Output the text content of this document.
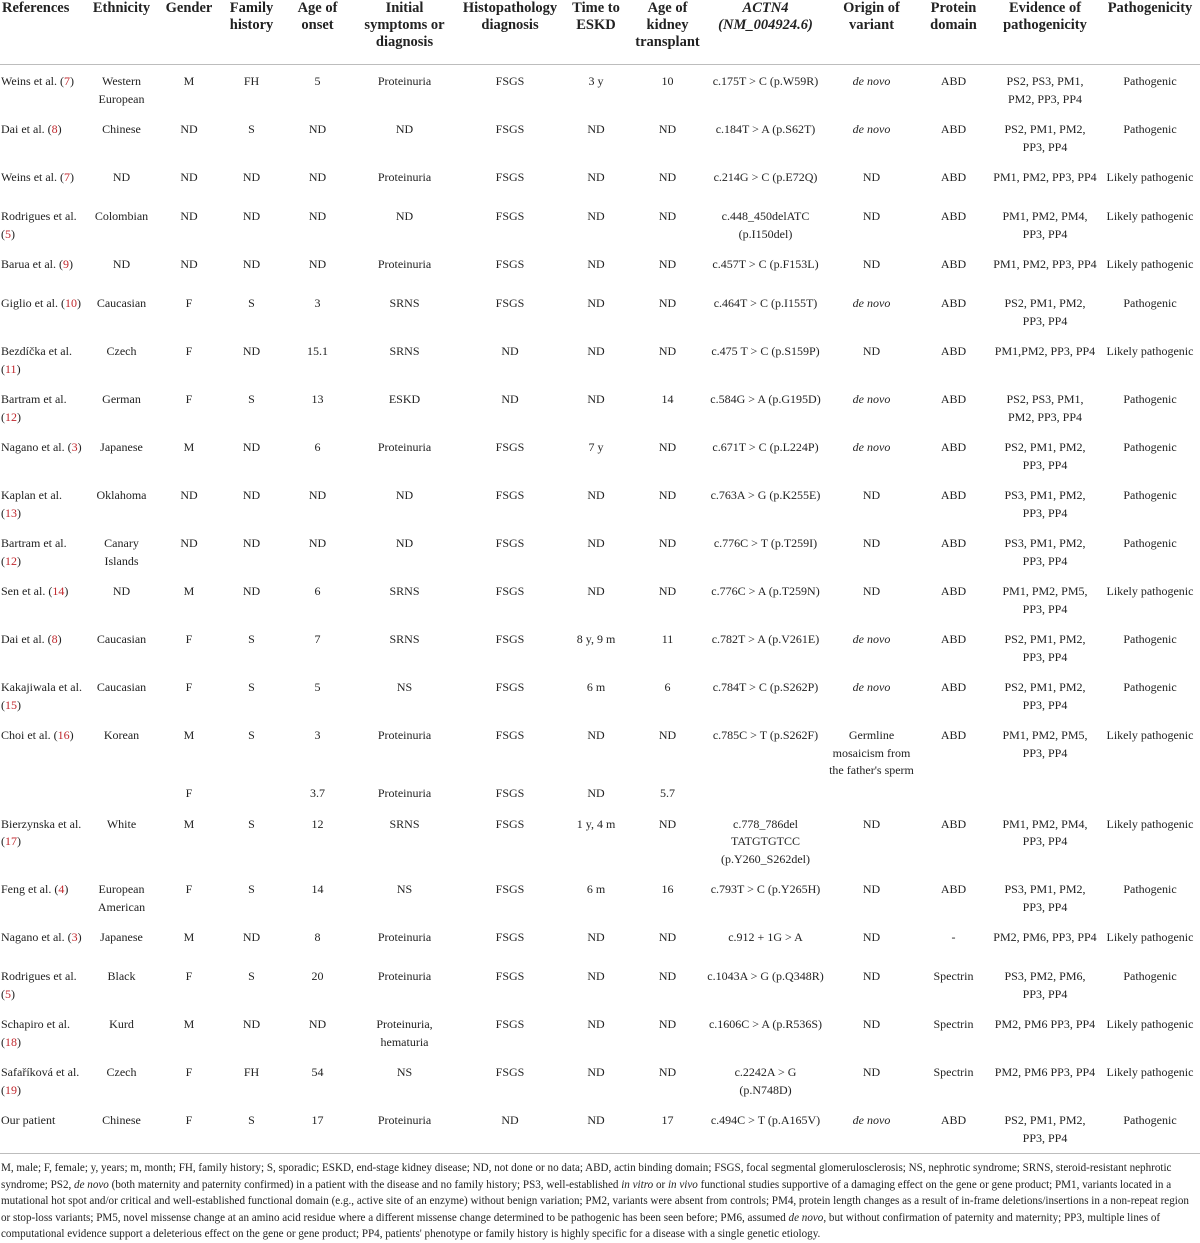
References	Ethnicity	Gender	Family history	Age of onset	Initial symptoms or diagnosis	Histopathology diagnosis	Time to ESKD	Age of kidney transplant	ACTN4 (NM_004924.6)	Origin of variant	Protein domain	Evidence of pathogenicity	Pathogenicity
Weins et al. (7)	Western European	M	FH	5	Proteinuria	FSGS	3 y	10	c.175T > C (p.W59R)	de novo	ABD	PS2, PS3, PM1, PM2, PP3, PP4	Pathogenic
Dai et al. (8)	Chinese	ND	S	ND	ND	FSGS	ND	ND	c.184T > A (p.S62T)	de novo	ABD	PS2, PM1, PM2, PP3, PP4	Pathogenic
Weins et al. (7)	ND	ND	ND	ND	Proteinuria	FSGS	ND	ND	c.214G > C (p.E72Q)	ND	ABD	PM1, PM2, PP3, PP4	Likely pathogenic
Rodrigues et al. (5)	Colombian	ND	ND	ND	ND	FSGS	ND	ND	c.448_450delATC (p.I150del)	ND	ABD	PM1, PM2, PM4, PP3, PP4	Likely pathogenic
Barua et al. (9)	ND	ND	ND	ND	Proteinuria	FSGS	ND	ND	c.457T > C (p.F153L)	ND	ABD	PM1, PM2, PP3, PP4	Likely pathogenic
Giglio et al. (10)	Caucasian	F	S	3	SRNS	FSGS	ND	ND	c.464T > C (p.I155T)	de novo	ABD	PS2, PM1, PM2, PP3, PP4	Pathogenic
Bezdíčka et al. (11)	Czech	F	ND	15.1	SRNS	ND	ND	ND	c.475 T > C (p.S159P)	ND	ABD	PM1,PM2, PP3, PP4	Likely pathogenic
Bartram et al. (12)	German	F	S	13	ESKD	ND	ND	14	c.584G > A (p.G195D)	de novo	ABD	PS2, PS3, PM1, PM2, PP3, PP4	Pathogenic
Nagano et al. (3)	Japanese	M	ND	6	Proteinuria	FSGS	7 y	ND	c.671T > C (p.L224P)	de novo	ABD	PS2, PM1, PM2, PP3, PP4	Pathogenic
Kaplan et al. (13)	Oklahoma	ND	ND	ND	ND	FSGS	ND	ND	c.763A > G (p.K255E)	ND	ABD	PS3, PM1, PM2, PP3, PP4	Pathogenic
Bartram et al. (12)	Canary Islands	ND	ND	ND	ND	FSGS	ND	ND	c.776C > T (p.T259I)	ND	ABD	PS3, PM1, PM2, PP3, PP4	Pathogenic
Sen et al. (14)	ND	M	ND	6	SRNS	FSGS	ND	ND	c.776C > A (p.T259N)	ND	ABD	PM1, PM2, PM5, PP3, PP4	Likely pathogenic
Dai et al. (8)	Caucasian	F	S	7	SRNS	FSGS	8 y, 9 m	11	c.782T > A (p.V261E)	de novo	ABD	PS2, PM1, PM2, PP3, PP4	Pathogenic
Kakajiwala et al. (15)	Caucasian	F	S	5	NS	FSGS	6 m	6	c.784T > C (p.S262P)	de novo	ABD	PS2, PM1, PM2, PP3, PP4	Pathogenic
Choi et al. (16)	Korean	M	S	3	Proteinuria	FSGS	ND	ND	c.785C > T (p.S262F)	Germline mosaicism from the father's sperm	ABD	PM1, PM2, PM5, PP3, PP4	Likely pathogenic
		F		3.7	Proteinuria	FSGS	ND	5.7					
Bierzynska et al. (17)	White	M	S	12	SRNS	FSGS	1 y, 4 m	ND	c.778_786del TATGTGTCC (p.Y260_S262del)	ND	ABD	PM1, PM2, PM4, PP3, PP4	Likely pathogenic
Feng et al. (4)	European American	F	S	14	NS	FSGS	6 m	16	c.793T > C (p.Y265H)	ND	ABD	PS3, PM1, PM2, PP3, PP4	Pathogenic
Nagano et al. (3)	Japanese	M	ND	8	Proteinuria	FSGS	ND	ND	c.912 + 1G > A	ND	-	PM2, PM6, PP3, PP4	Likely pathogenic
Rodrigues et al. (5)	Black	F	S	20	Proteinuria	FSGS	ND	ND	c.1043A > G (p.Q348R)	ND	Spectrin	PS3, PM2, PM6, PP3, PP4	Pathogenic
Schapiro et al. (18)	Kurd	M	ND	ND	Proteinuria, hematuria	FSGS	ND	ND	c.1606C > A (p.R536S)	ND	Spectrin	PM2, PM6 PP3, PP4	Likely pathogenic
Safaříková et al. (19)	Czech	F	FH	54	NS	FSGS	ND	ND	c.2242A > G (p.N748D)	ND	Spectrin	PM2, PM6 PP3, PP4	Likely pathogenic
Our patient	Chinese	F	S	17	Proteinuria	ND	ND	17	c.494C > T (p.A165V)	de novo	ABD	PS2, PM1, PM2, PP3, PP4	Pathogenic
M, male; F, female; y, years; m, month; FH, family history; S, sporadic; ESKD, end-stage kidney disease; ND, not done or no data; ABD, actin binding domain; FSGS, focal segmental glomerulosclerosis; NS, nephrotic syndrome; SRNS, steroid-resistant nephrotic syndrome; PS2, de novo (both maternity and paternity confirmed) in a patient with the disease and no family history; PS3, well-established in vitro or in vivo functional studies supportive of a damaging effect on the gene or gene product; PM1, variants located in a mutational hot spot and/or critical and well-established functional domain (e.g., active site of an enzyme) without benign variation; PM2, variants were absent from controls; PM4, protein length changes as a result of in-frame deletions/insertions in a non-repeat region or stop-loss variants; PM5, novel missense change at an amino acid residue where a different missense change determined to be pathogenic has been seen before; PM6, assumed de novo, but without confirmation of paternity and maternity; PP3, multiple lines of computational evidence support a deleterious effect on the gene or gene product; PP4, patients' phenotype or family history is highly specific for a disease with a single genetic etiology.
